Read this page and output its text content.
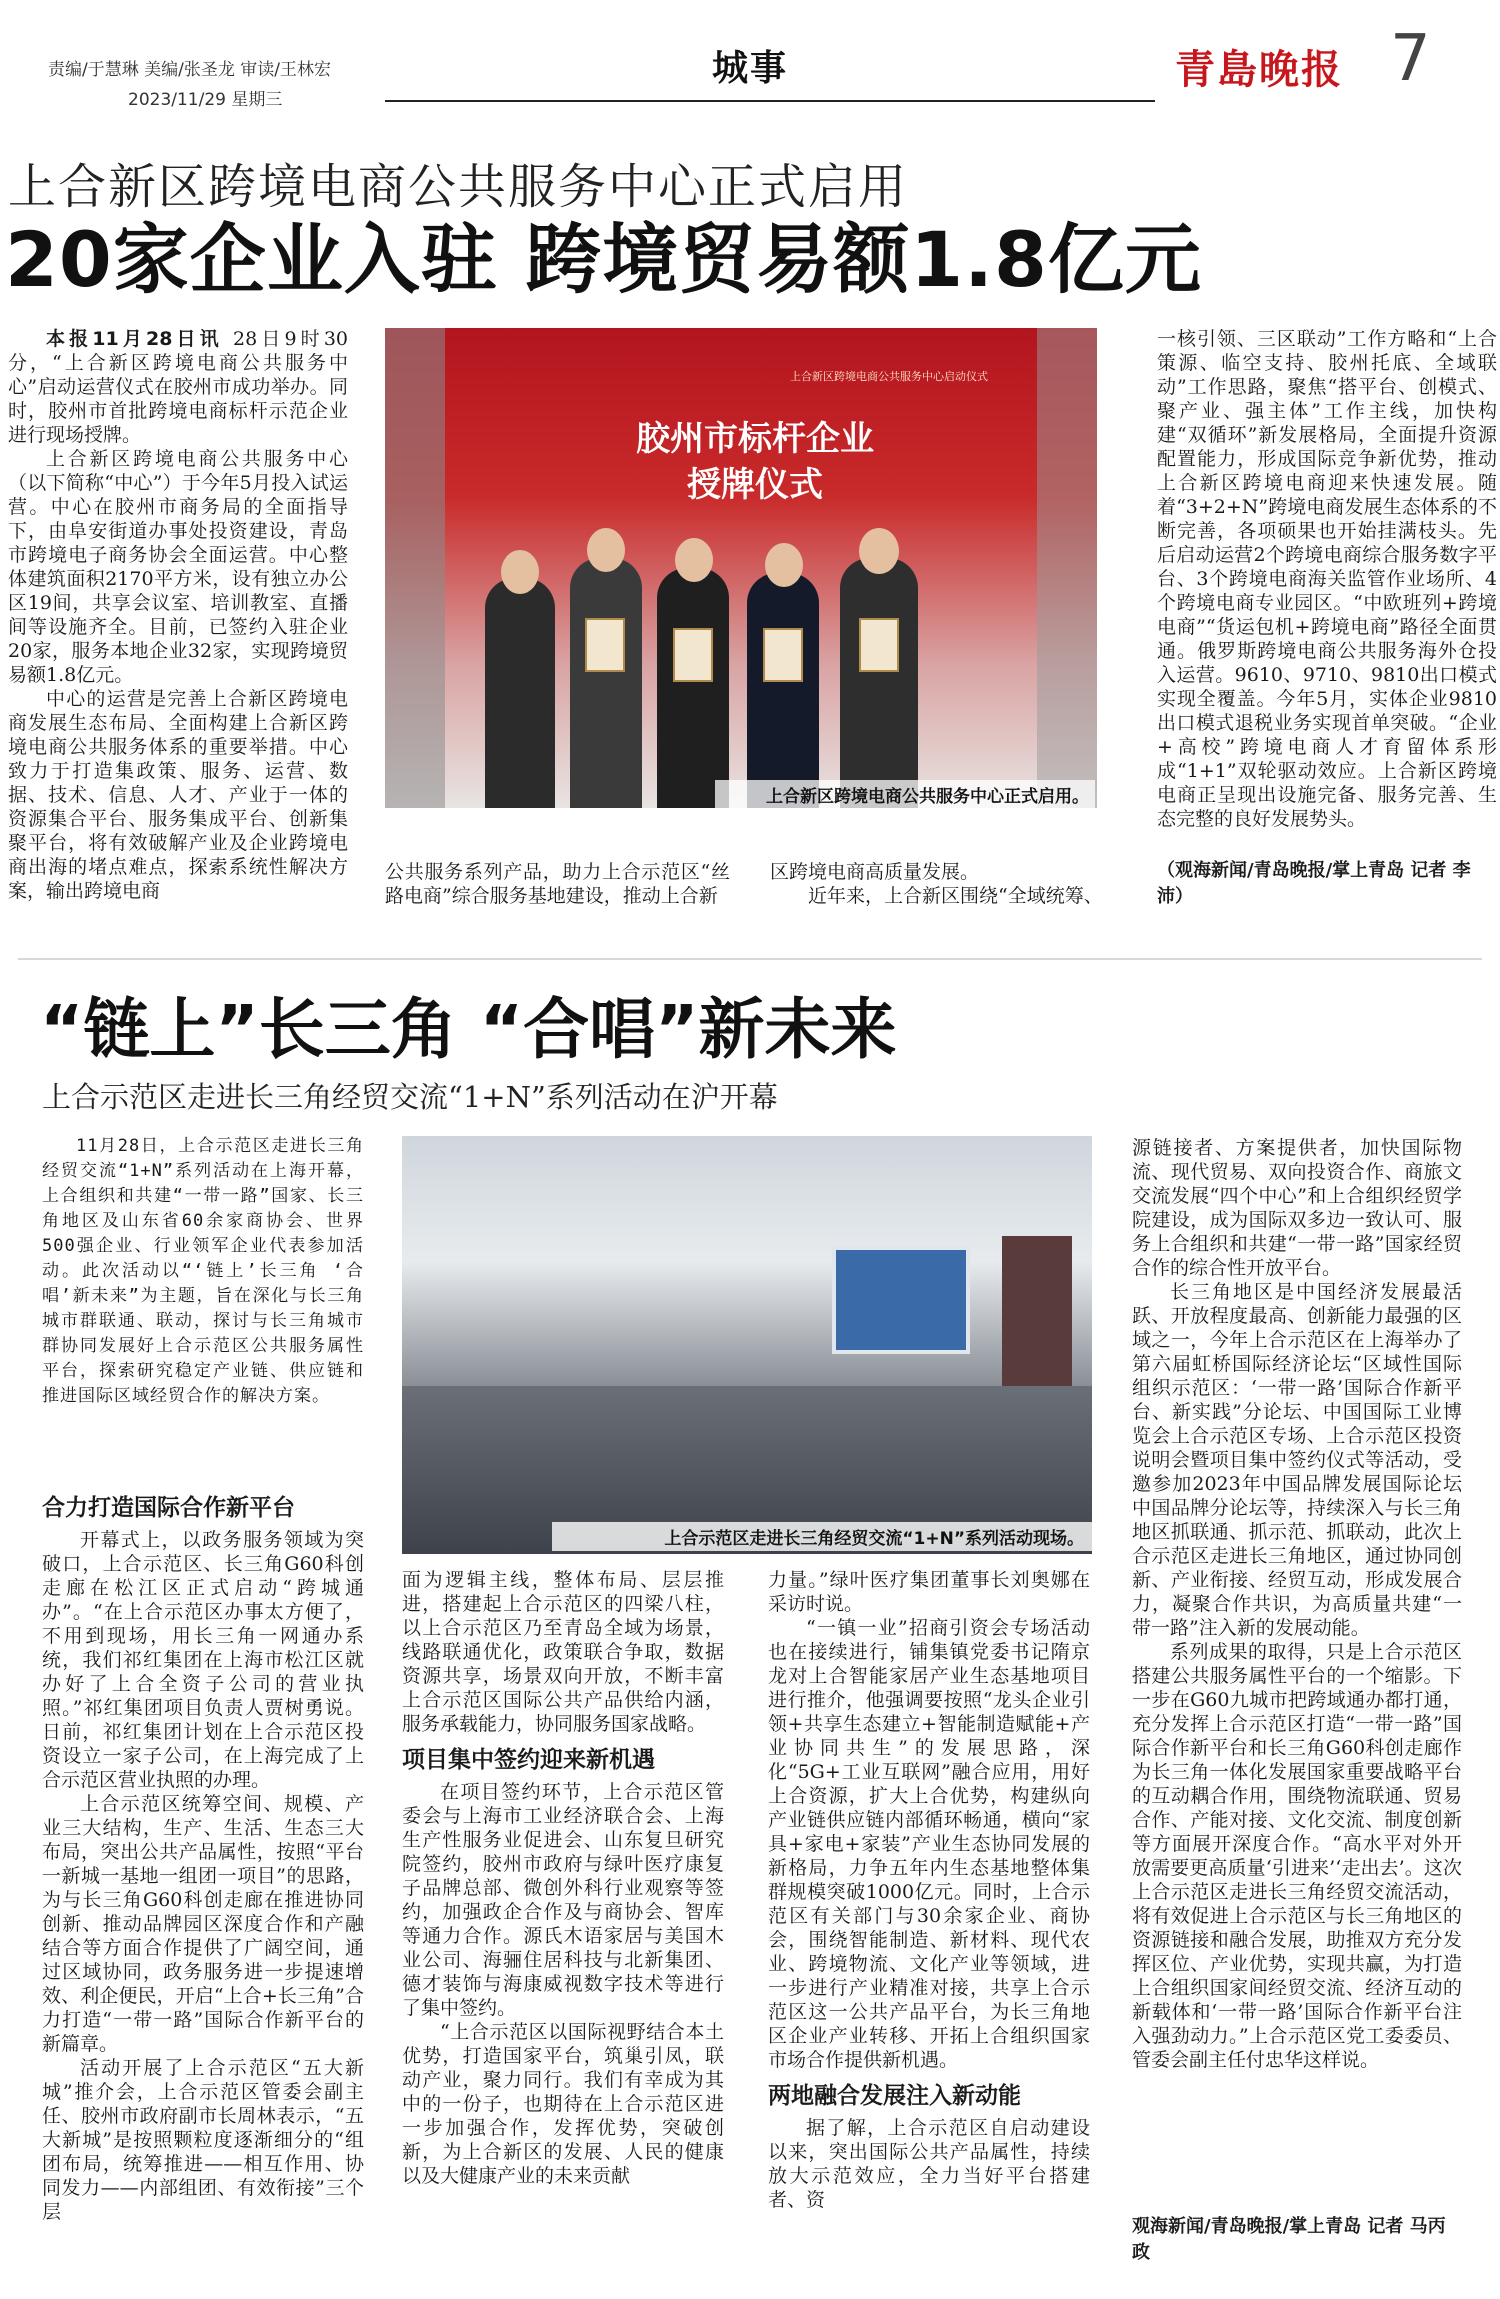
责编/于慧琳 美编/张圣龙 审读/王林宏
2023/11/29 星期三
城事	青島晚报 7
上合新区跨境电商公共服务中心正式启用
20家企业入驻 跨境贸易额1.8亿元

本报11月28日讯 28日9时30分，“上合新区跨境电商公共服务中心”启动运营仪式在胶州市成功举办。同时，胶州市首批跨境电商标杆示范企业进行现场授牌。

上合新区跨境电商公共服务中心（以下简称“中心”）于今年5月投入试运营。中心在胶州市商务局的全面指导下，由阜安街道办事处投资建设，青岛市跨境电子商务协会全面运营。中心整体建筑面积2170平方米，设有独立办公区19间，共享会议室、培训教室、直播间等设施齐全。目前，已签约入驻企业20家，服务本地企业32家，实现跨境贸易额1.8亿元。

中心的运营是完善上合新区跨境电商发展生态布局、全面构建上合新区跨境电商公共服务体系的重要举措。中心致力于打造集政策、服务、运营、数据、技术、信息、人才、产业于一体的资源集合平台、服务集成平台、创新集聚平台，将有效破解产业及企业跨境电商出海的堵点难点，探索系统性解决方案，输出跨境电商

上合新区跨境电商公共服务中心启动仪式
胶州市标杆企业 授牌仪式
上合新区跨境电商公共服务中心正式启用。

公共服务系列产品，助力上合示范区“丝路电商”综合服务基地建设，推动上合新

区跨境电商高质量发展。

近年来，上合新区围绕“全域统筹、

一核引领、三区联动”工作方略和“上合策源、临空支持、胶州托底、全域联动”工作思路，聚焦“搭平台、创模式、聚产业、强主体”工作主线，加快构建“双循环”新发展格局，全面提升资源配置能力，形成国际竞争新优势，推动上合新区跨境电商迎来快速发展。随着“3+2+N”跨境电商发展生态体系的不断完善，各项硕果也开始挂满枝头。先后启动运营2个跨境电商综合服务数字平台、3个跨境电商海关监管作业场所、4个跨境电商专业园区。“中欧班列+跨境电商”“货运包机+跨境电商”路径全面贯通。俄罗斯跨境电商公共服务海外仓投入运营。9610、9710、9810出口模式实现全覆盖。今年5月，实体企业9810出口模式退税业务实现首单突破。“企业+高校”跨境电商人才育留体系形成“1+1”双轮驱动效应。上合新区跨境电商正呈现出设施完备、服务完善、生态完整的良好发展势头。

（观海新闻/青岛晚报/掌上青岛 记者 李沛）
“链上”长三角 “合唱”新未来
上合示范区走进长三角经贸交流“1+N”系列活动在沪开幕

11月28日，上合示范区走进长三角经贸交流“1+N”系列活动在上海开幕，上合组织和共建“一带一路”国家、长三角地区及山东省60余家商协会、世界500强企业、行业领军企业代表参加活动。此次活动以“‘链上’长三角 ‘合唱’新未来”为主题，旨在深化与长三角城市群联通、联动，探讨与长三角城市群协同发展好上合示范区公共服务属性平台，探索研究稳定产业链、供应链和推进国际区域经贸合作的解决方案。

上合示范区走进长三角经贸交流“1+N”系列活动现场。
合力打造国际合作新平台

开幕式上，以政务服务领域为突破口，上合示范区、长三角G60科创走廊在松江区正式启动“跨城通办”。“在上合示范区办事太方便了，不用到现场，用长三角一网通办系统，我们祁红集团在上海市松江区就办好了上合全资子公司的营业执照。”祁红集团项目负责人贾树勇说。日前，祁红集团计划在上合示范区投资设立一家子公司，在上海完成了上合示范区营业执照的办理。

上合示范区统筹空间、规模、产业三大结构，生产、生活、生态三大布局，突出公共产品属性，按照“平台一新城一基地一组团一项目”的思路，为与长三角G60科创走廊在推进协同创新、推动品牌园区深度合作和产融结合等方面合作提供了广阔空间，通过区域协同，政务服务进一步提速增效、利企便民，开启“上合+长三角”合力打造“一带一路”国际合作新平台的新篇章。

活动开展了上合示范区“五大新城”推介会，上合示范区管委会副主任、胶州市政府副市长周林表示，“五大新城”是按照颗粒度逐渐细分的“组团布局，统筹推进——相互作用、协同发力——内部组团、有效衔接”三个层

面为逻辑主线，整体布局、层层推进，搭建起上合示范区的四梁八柱，以上合示范区乃至青岛全域为场景，线路联通优化，政策联合争取，数据资源共享，场景双向开放，不断丰富上合示范区国际公共产品供给内涵，服务承载能力，协同服务国家战略。

项目集中签约迎来新机遇

在项目签约环节，上合示范区管委会与上海市工业经济联合会、上海生产性服务业促进会、山东复旦研究院签约，胶州市政府与绿叶医疗康复子品牌总部、微创外科行业观察等签约，加强政企合作及与商协会、智库等通力合作。源氏木语家居与美国木业公司、海骊住居科技与北新集团、德才装饰与海康威视数字技术等进行了集中签约。

“上合示范区以国际视野结合本土优势，打造国家平台，筑巢引凤，联动产业，聚力同行。我们有幸成为其中的一份子，也期待在上合示范区进一步加强合作，发挥优势，突破创新，为上合新区的发展、人民的健康以及大健康产业的未来贡献

力量。”绿叶医疗集团董事长刘奥娜在采访时说。

“一镇一业”招商引资会专场活动也在接续进行，铺集镇党委书记隋京龙对上合智能家居产业生态基地项目进行推介，他强调要按照“龙头企业引领+共享生态建立+智能制造赋能+产业协同共生”的发展思路，深化“5G+工业互联网”融合应用，用好上合资源，扩大上合优势，构建纵向产业链供应链内部循环畅通，横向“家具+家电+家装”产业生态协同发展的新格局，力争五年内生态基地整体集群规模突破1000亿元。同时，上合示范区有关部门与30余家企业、商协会，围绕智能制造、新材料、现代农业、跨境物流、文化产业等领域，进一步进行产业精准对接，共享上合示范区这一公共产品平台，为长三角地区企业产业转移、开拓上合组织国家市场合作提供新机遇。

两地融合发展注入新动能

据了解，上合示范区自启动建设以来，突出国际公共产品属性，持续放大示范效应，全力当好平台搭建者、资

源链接者、方案提供者，加快国际物流、现代贸易、双向投资合作、商旅文交流发展“四个中心”和上合组织经贸学院建设，成为国际双多边一致认可、服务上合组织和共建“一带一路”国家经贸合作的综合性开放平台。

长三角地区是中国经济发展最活跃、开放程度最高、创新能力最强的区域之一，今年上合示范区在上海举办了第六届虹桥国际经济论坛“区域性国际组织示范区：‘一带一路’国际合作新平台、新实践”分论坛、中国国际工业博览会上合示范区专场、上合示范区投资说明会暨项目集中签约仪式等活动，受邀参加2023年中国品牌发展国际论坛中国品牌分论坛等，持续深入与长三角地区抓联通、抓示范、抓联动，此次上合示范区走进长三角地区，通过协同创新、产业衔接、经贸互动，形成发展合力，凝聚合作共识，为高质量共建“一带一路”注入新的发展动能。

系列成果的取得，只是上合示范区搭建公共服务属性平台的一个缩影。下一步在G60九城市把跨域通办都打通，充分发挥上合示范区打造“一带一路”国际合作新平台和长三角G60科创走廊作为长三角一体化发展国家重要战略平台的互动耦合作用，围绕物流联通、贸易合作、产能对接、文化交流、制度创新等方面展开深度合作。“高水平对外开放需要更高质量‘引进来’‘走出去’。这次上合示范区走进长三角经贸交流活动，将有效促进上合示范区与长三角地区的资源链接和融合发展，助推双方充分发挥区位、产业优势，实现共赢，为打造上合组织国家间经贸交流、经济互动的新载体和‘一带一路’国际合作新平台注入强劲动力。”上合示范区党工委委员、管委会副主任付忠华这样说。

观海新闻/青岛晚报/掌上青岛 记者 马丙政
